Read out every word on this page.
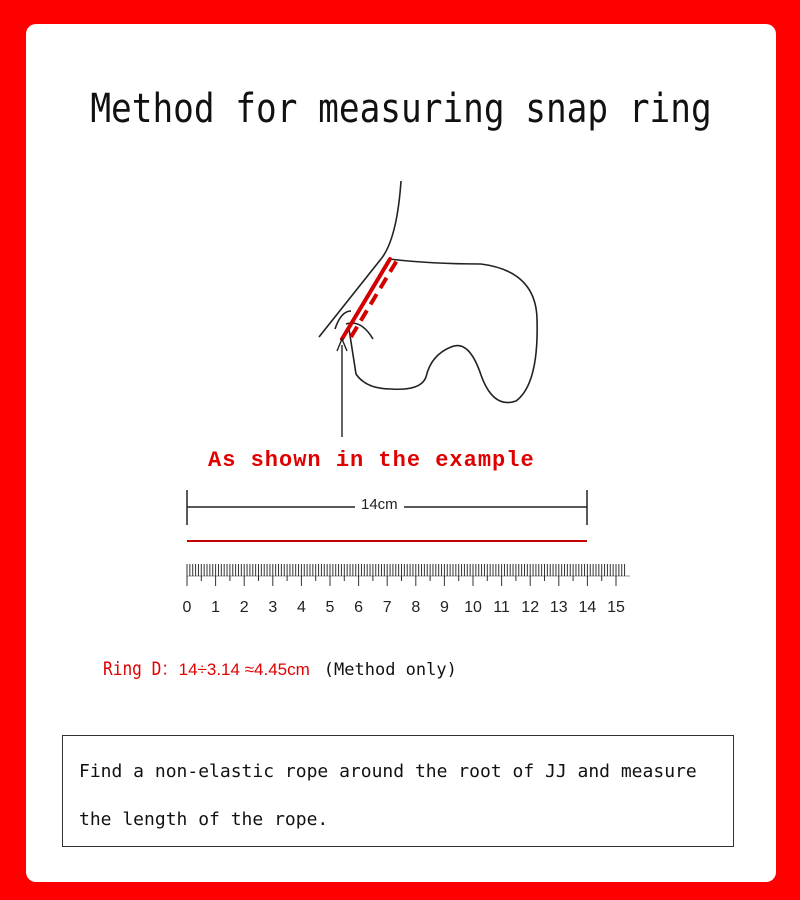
Method for measuring snap ring
As shown in the example
14cm
0 1 2 3 4 5 6 7 8 9 10 11 12 13 14 15
Ring D：14÷3.14 ≈4.45cm (Method only)
Find a non-elastic rope around the root of JJ and measure the length of the rope.
